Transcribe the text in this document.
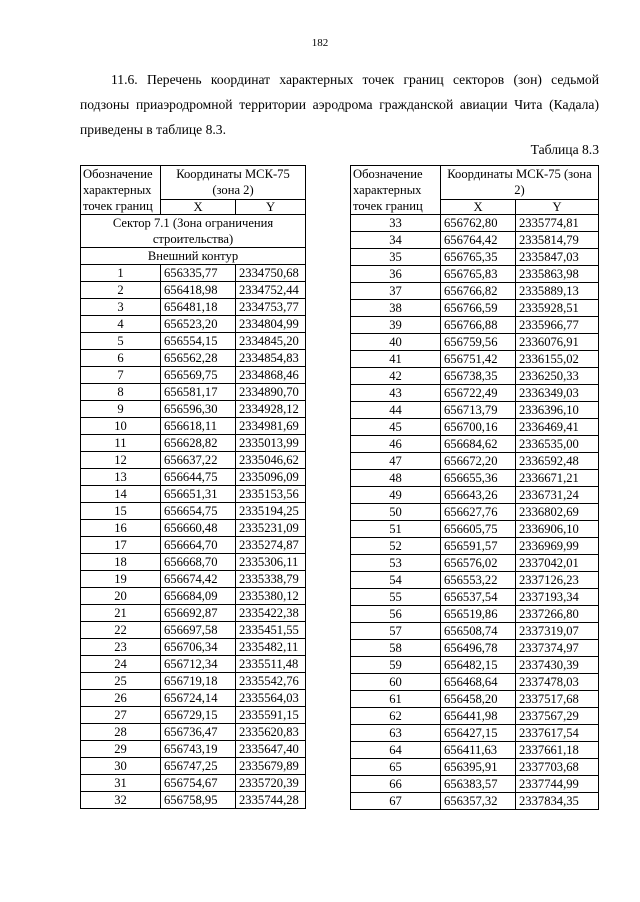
182

11.6. Перечень координат характерных точек границ секторов (зон) седьмой подзоны приаэродромной территории аэродрома гражданской авиации Чита (Кадала) приведены в таблице 8.3.

Таблица 8.3
Обозначение характерных точек границ	Координаты МСК-75 (зона 2)	
	X	Y
Сектор 7.1 (Зона ограничения строительства)		
Внешний контур		
1	656335,77	2334750,68
2	656418,98	2334752,44
3	656481,18	2334753,77
4	656523,20	2334804,99
5	656554,15	2334845,20
6	656562,28	2334854,83
7	656569,75	2334868,46
8	656581,17	2334890,70
9	656596,30	2334928,12
10	656618,11	2334981,69
11	656628,82	2335013,99
12	656637,22	2335046,62
13	656644,75	2335096,09
14	656651,31	2335153,56
15	656654,75	2335194,25
16	656660,48	2335231,09
17	656664,70	2335274,87
18	656668,70	2335306,11
19	656674,42	2335338,79
20	656684,09	2335380,12
21	656692,87	2335422,38
22	656697,58	2335451,55
23	656706,34	2335482,11
24	656712,34	2335511,48
25	656719,18	2335542,76
26	656724,14	2335564,03
27	656729,15	2335591,15
28	656736,47	2335620,83
29	656743,19	2335647,40
30	656747,25	2335679,89
31	656754,67	2335720,39
32	656758,95	2335744,28
Обозначение характерных точек границ	Координаты МСК-75 (зона 2)	
	X	Y
33	656762,80	2335774,81
34	656764,42	2335814,79
35	656765,35	2335847,03
36	656765,83	2335863,98
37	656766,82	2335889,13
38	656766,59	2335928,51
39	656766,88	2335966,77
40	656759,56	2336076,91
41	656751,42	2336155,02
42	656738,35	2336250,33
43	656722,49	2336349,03
44	656713,79	2336396,10
45	656700,16	2336469,41
46	656684,62	2336535,00
47	656672,20	2336592,48
48	656655,36	2336671,21
49	656643,26	2336731,24
50	656627,76	2336802,69
51	656605,75	2336906,10
52	656591,57	2336969,99
53	656576,02	2337042,01
54	656553,22	2337126,23
55	656537,54	2337193,34
56	656519,86	2337266,80
57	656508,74	2337319,07
58	656496,78	2337374,97
59	656482,15	2337430,39
60	656468,64	2337478,03
61	656458,20	2337517,68
62	656441,98	2337567,29
63	656427,15	2337617,54
64	656411,63	2337661,18
65	656395,91	2337703,68
66	656383,57	2337744,99
67	656357,32	2337834,35
